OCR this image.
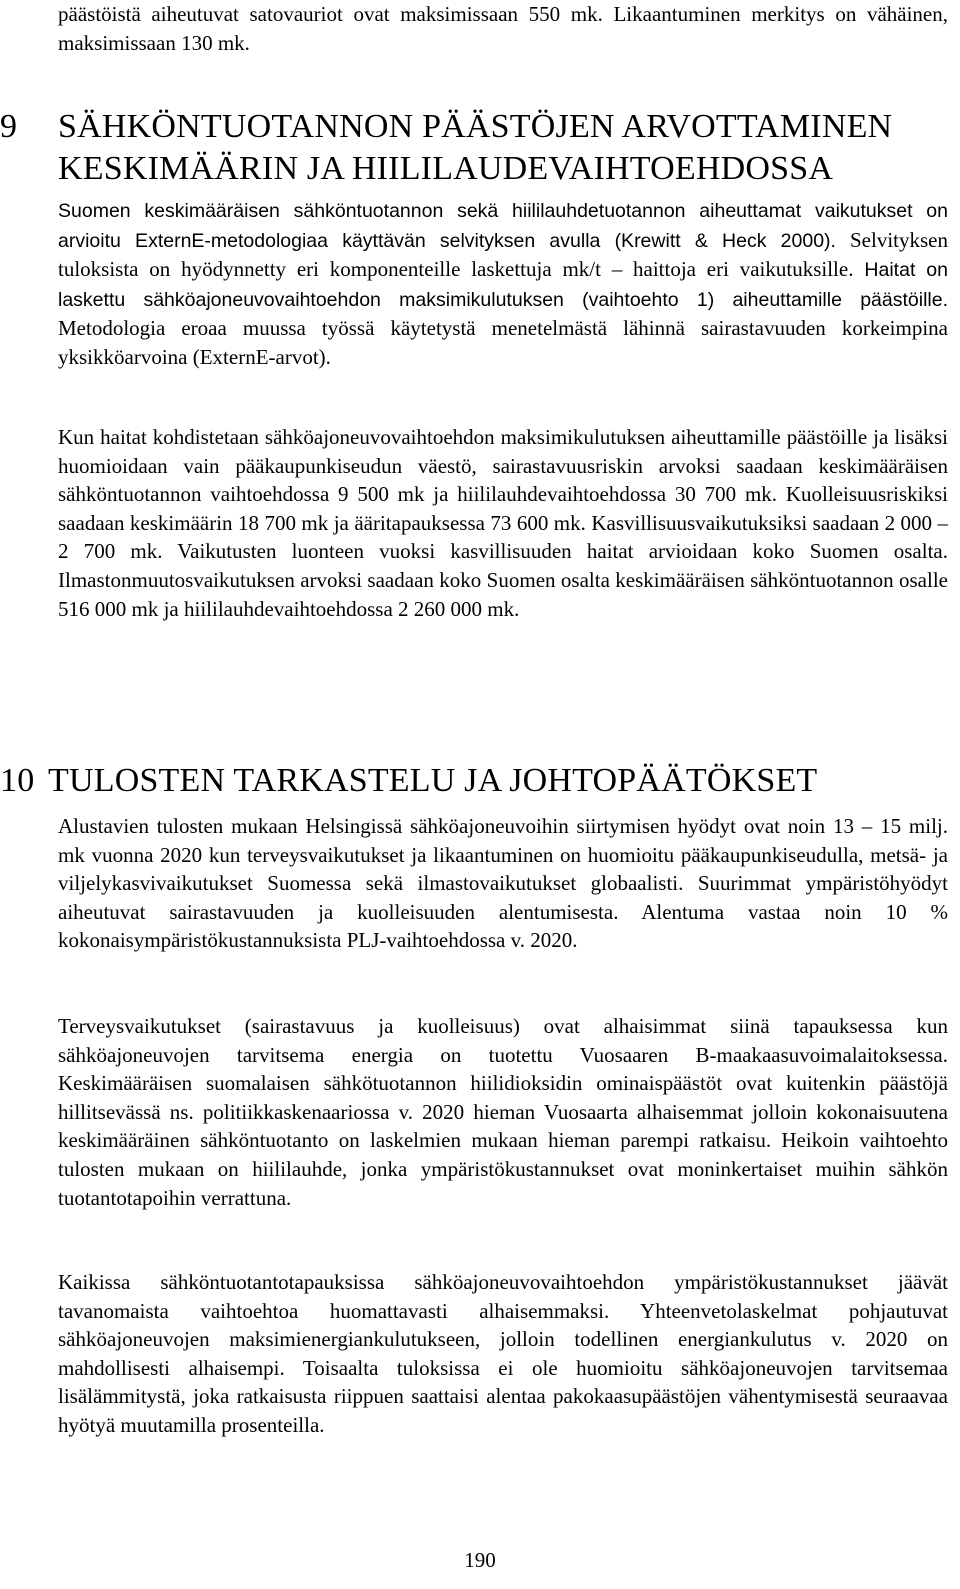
päästöistä aiheutuvat satovauriot ovat maksimissaan 550 mk. Likaantuminen merkitys on vähäinen, maksimissaan 130 mk.

9 SÄHKÖNTUOTANNON PÄÄSTÖJEN ARVOTTAMINEN
KESKIMÄÄRIN JA HIILILAUDEVAIHTOEHDOSSA

Suomen keskimääräisen sähköntuotannon sekä hiililauhdetuotannon aiheuttamat vaikutukset on arvioitu ExternE-metodologiaa käyttävän selvityksen avulla (Krewitt & Heck 2000). Selvityksen tuloksista on hyödynnetty eri komponenteille laskettuja mk/t – haittoja eri vaikutuksille. Haitat on laskettu sähköajoneuvovaihtoehdon maksimikulutuksen (vaihtoehto 1) aiheuttamille päästöille. Metodologia eroaa muussa työssä käytetystä menetelmästä lähinnä sairastavuuden korkeimpina yksikköarvoina (ExternE-arvot).

Kun haitat kohdistetaan sähköajoneuvovaihtoehdon maksimikulutuksen aiheuttamille päästöille ja lisäksi huomioidaan vain pääkaupunkiseudun väestö, sairastavuusriskin arvoksi saadaan keskimääräisen sähköntuotannon vaihtoehdossa 9 500 mk ja hiililauhdevaihtoehdossa 30 700 mk. Kuolleisuusriskiksi saadaan keskimäärin 18 700 mk ja ääritapauksessa 73 600 mk. Kasvillisuusvaikutuksiksi saadaan 2 000 – 2 700 mk. Vaikutusten luonteen vuoksi kasvillisuuden haitat arvioidaan koko Suomen osalta. Ilmastonmuutosvaikutuksen arvoksi saadaan koko Suomen osalta keskimääräisen sähköntuotannon osalle 516 000 mk ja hiililauhdevaihtoehdossa 2 260 000 mk.

10 TULOSTEN TARKASTELU JA JOHTOPÄÄTÖKSET

Alustavien tulosten mukaan Helsingissä sähköajoneuvoihin siirtymisen hyödyt ovat noin 13 – 15 milj. mk vuonna 2020 kun terveysvaikutukset ja likaantuminen on huomioitu pääkaupunkiseudulla, metsä- ja viljelykasvivaikutukset Suomessa sekä ilmastovaikutukset globaalisti. Suurimmat ympäristöhyödyt aiheutuvat sairastavuuden ja kuolleisuuden alentumisesta. Alentuma vastaa noin 10 % kokonaisympäristökustannuksista PLJ-vaihtoehdossa v. 2020.

Terveysvaikutukset (sairastavuus ja kuolleisuus) ovat alhaisimmat siinä tapauksessa kun sähköajoneuvojen tarvitsema energia on tuotettu Vuosaaren B-maakaasuvoimalaitoksessa. Keskimääräisen suomalaisen sähkötuotannon hiilidioksidin ominaispäästöt ovat kuitenkin päästöjä hillitsevässä ns. politiikkaskenaariossa v. 2020 hieman Vuosaarta alhaisemmat jolloin kokonaisuutena keskimääräinen sähköntuotanto on laskelmien mukaan hieman parempi ratkaisu. Heikoin vaihtoehto tulosten mukaan on hiililauhde, jonka ympäristökustannukset ovat moninkertaiset muihin sähkön tuotantotapoihin verrattuna.

Kaikissa sähköntuotantotapauksissa sähköajoneuvovaihtoehdon ympäristökustannukset jäävät tavanomaista vaihtoehtoa huomattavasti alhaisemmaksi. Yhteenvetolaskelmat pohjautuvat sähköajoneuvojen maksimienergiankulutukseen, jolloin todellinen energiankulutus v. 2020 on mahdollisesti alhaisempi. Toisaalta tuloksissa ei ole huomioitu sähköajoneuvojen tarvitsemaa lisälämmitystä, joka ratkaisusta riippuen saattaisi alentaa pakokaasupäästöjen vähentymisestä seuraavaa hyötyä muutamilla prosenteilla.

190
